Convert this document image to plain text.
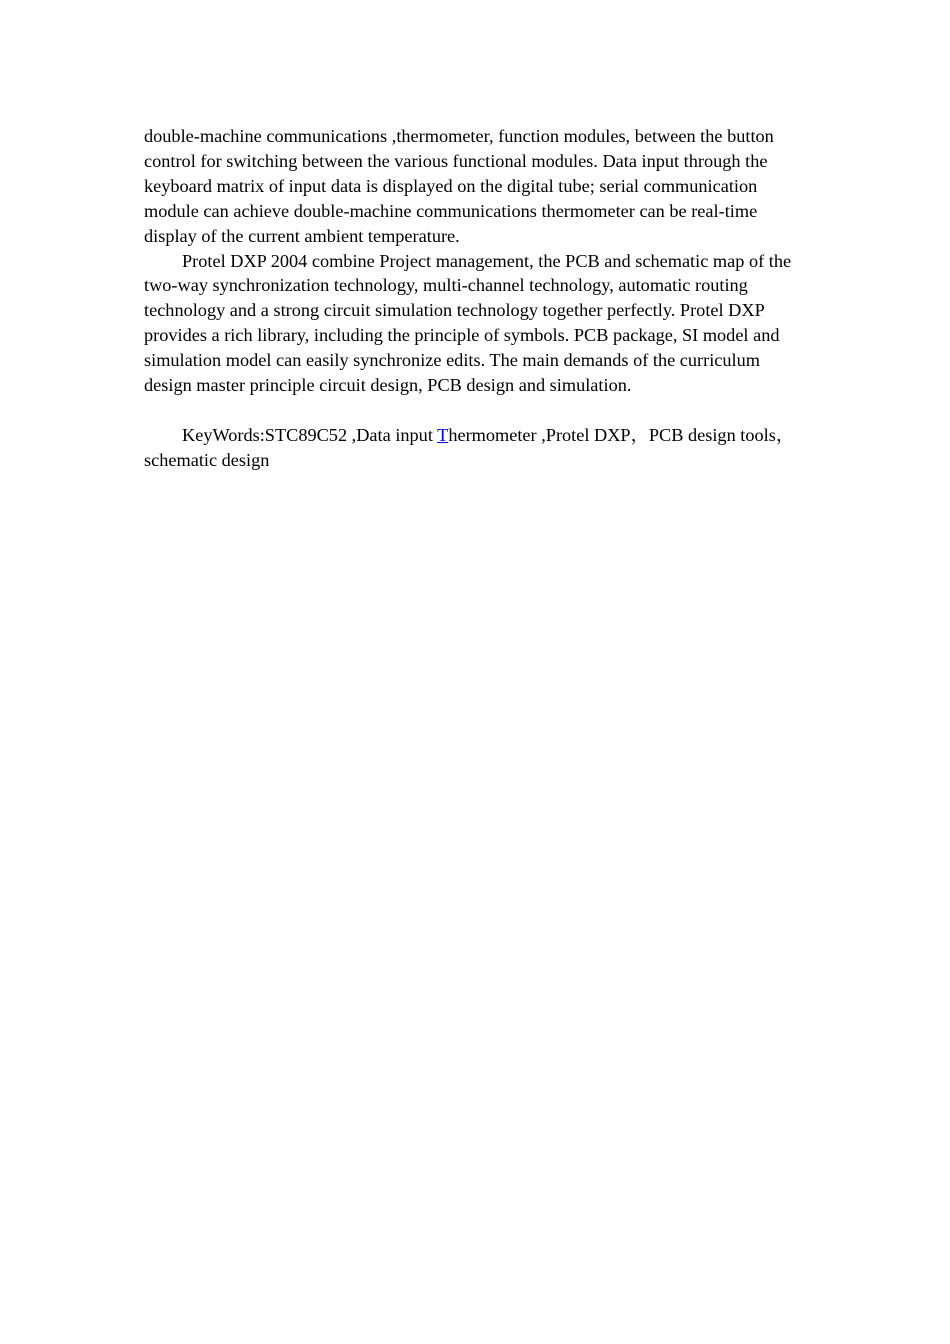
double-machine communications ,thermometer, function modules, between the button control for switching between the various functional modules. Data input through the keyboard matrix of input data is displayed on the digital tube; serial communication module can achieve double-machine communications thermometer can be real-time display of the current ambient temperature.

Protel DXP 2004 combine Project management, the PCB and schematic map of the two-way synchronization technology, multi-channel technology, automatic routing technology and a strong circuit simulation technology together perfectly. Protel DXP provides a rich library, including the principle of symbols. PCB package, SI model and simulation model can easily synchronize edits. The main demands of the curriculum design master principle circuit design, PCB design and simulation.

KeyWords:STC89C52 ,Data input Thermometer ,Protel DXP，PCB design tools，schematic design
